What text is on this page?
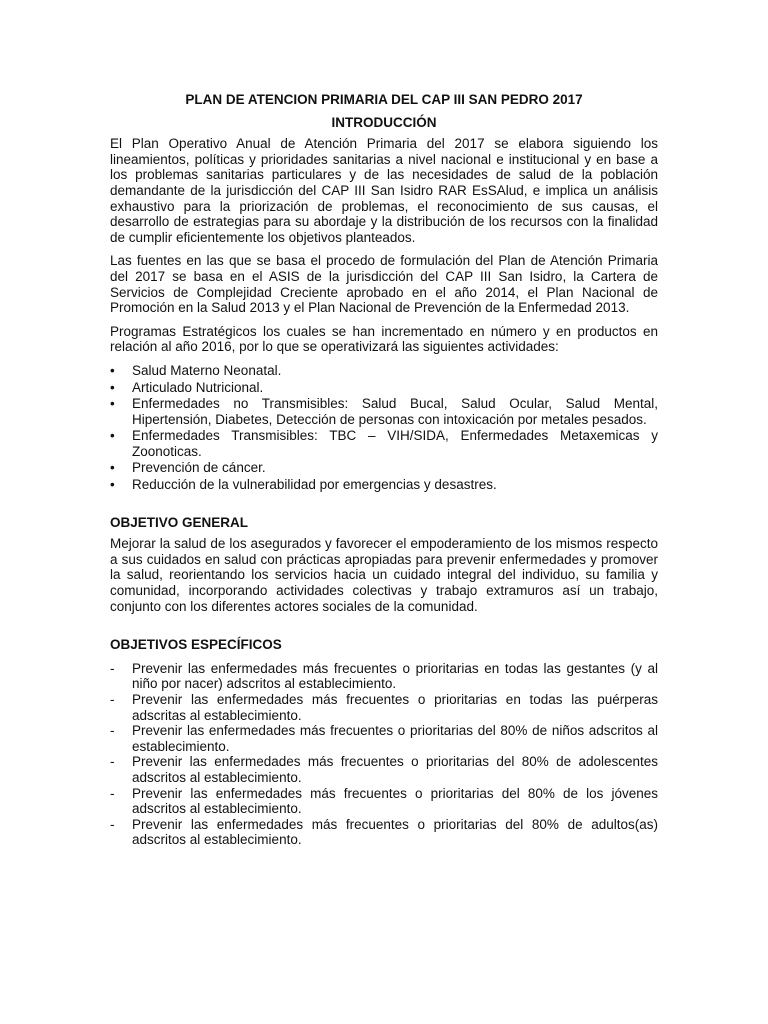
PLAN DE ATENCION PRIMARIA DEL CAP III SAN PEDRO 2017
INTRODUCCIÓN

El Plan Operativo Anual de Atención Primaria del 2017 se elabora siguiendo los lineamientos, políticas y prioridades sanitarias a nivel nacional e institucional y en base a los problemas sanitarias particulares y de las necesidades de salud de la población demandante de la jurisdicción del CAP III San Isidro RAR EsSAlud, e implica un análisis exhaustivo para la priorización de problemas, el reconocimiento de sus causas, el desarrollo de estrategias para su abordaje y la distribución de los recursos con la finalidad de cumplir eficientemente los objetivos planteados.

Las fuentes en las que se basa el procedo de formulación del Plan de Atención Primaria del 2017 se basa en el ASIS de la jurisdicción del CAP III San Isidro, la Cartera de Servicios de Complejidad Creciente aprobado en el año 2014, el Plan Nacional de Promoción en la Salud 2013 y el Plan Nacional de Prevención de la Enfermedad 2013.

Programas Estratégicos los cuales se han incrementado en número y en productos en relación al año 2016, por lo que se operativizará las siguientes actividades:

•	Salud Materno Neonatal.
•	Articulado Nutricional.
•	Enfermedades no Transmisibles: Salud Bucal, Salud Ocular, Salud Mental, Hipertensión, Diabetes, Detección de personas con intoxicación por metales pesados.
•	Enfermedades Transmisibles: TBC – VIH/SIDA, Enfermedades Metaxemicas y Zoonoticas.
•	Prevención de cáncer.
•	Reducción de la vulnerabilidad por emergencias y desastres.
OBJETIVO GENERAL

Mejorar la salud de los asegurados y favorecer el empoderamiento de los mismos respecto a sus cuidados en salud con prácticas apropiadas para prevenir enfermedades y promover la salud, reorientando los servicios hacia un cuidado integral del individuo, su familia y comunidad, incorporando actividades colectivas y trabajo extramuros así un trabajo, conjunto con los diferentes actores sociales de la comunidad.

OBJETIVOS ESPECÍFICOS
- Prevenir las enfermedades más frecuentes o prioritarias en todas las gestantes (y al niño por nacer) adscritos al establecimiento.
- Prevenir las enfermedades más frecuentes o prioritarias en todas las puérperas adscritas al establecimiento.
- Prevenir las enfermedades más frecuentes o prioritarias del 80% de niños adscritos al establecimiento.
- Prevenir las enfermedades más frecuentes o prioritarias del 80% de adolescentes adscritos al establecimiento.
- Prevenir las enfermedades más frecuentes o prioritarias del 80% de los jóvenes adscritos al establecimiento.
- Prevenir las enfermedades más frecuentes o prioritarias del 80% de adultos(as) adscritos al establecimiento.
